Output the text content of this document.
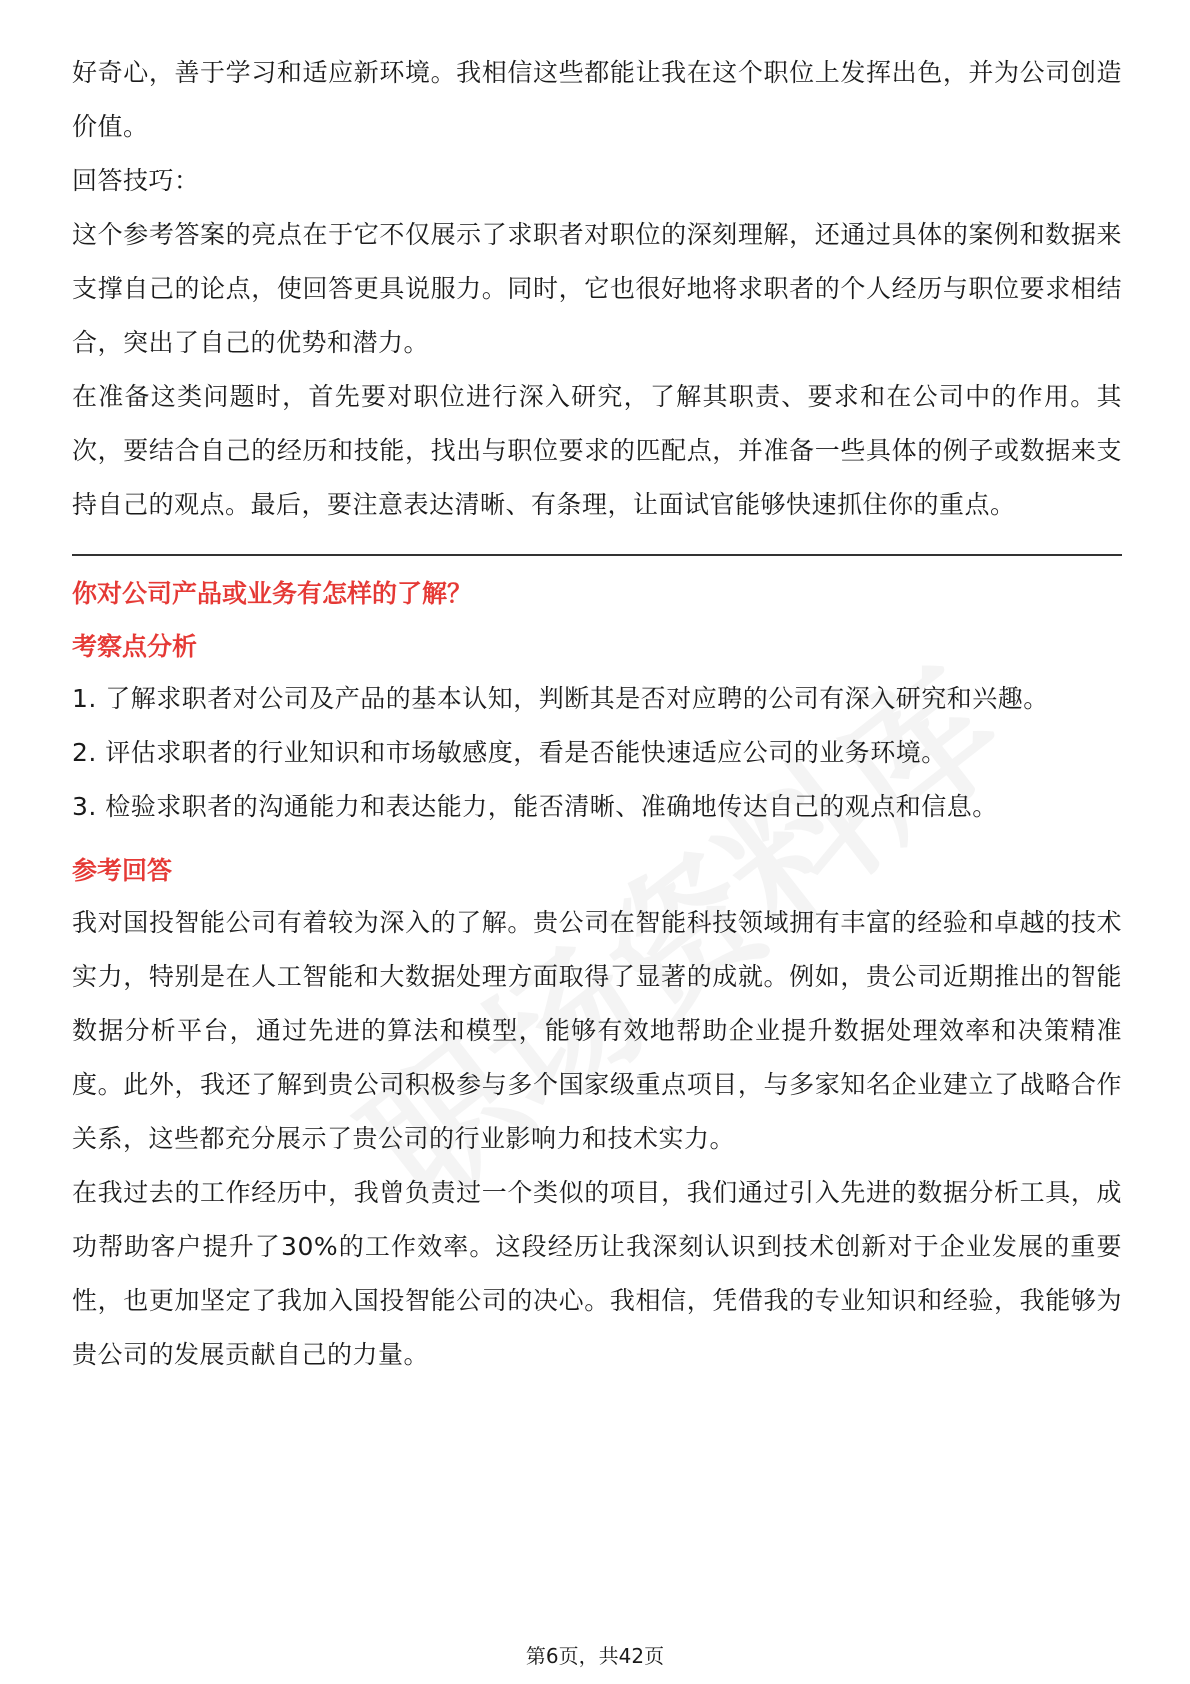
好奇心，善于学习和适应新环境。我相信这些都能让我在这个职位上发挥出色，并为公司创造价值。

回答技巧：

这个参考答案的亮点在于它不仅展示了求职者对职位的深刻理解，还通过具体的案例和数据来支撑自己的论点，使回答更具说服力。同时，它也很好地将求职者的个人经历与职位要求相结合，突出了自己的优势和潜力。

在准备这类问题时，首先要对职位进行深入研究，了解其职责、要求和在公司中的作用。其次，要结合自己的经历和技能，找出与职位要求的匹配点，并准备一些具体的例子或数据来支持自己的观点。最后，要注意表达清晰、有条理，让面试官能够快速抓住你的重点。

你对公司产品或业务有怎样的了解？

考察点分析

1. 了解求职者对公司及产品的基本认知，判断其是否对应聘的公司有深入研究和兴趣。

2. 评估求职者的行业知识和市场敏感度，看是否能快速适应公司的业务环境。

3. 检验求职者的沟通能力和表达能力，能否清晰、准确地传达自己的观点和信息。

参考回答

我对国投智能公司有着较为深入的了解。贵公司在智能科技领域拥有丰富的经验和卓越的技术实力，特别是在人工智能和大数据处理方面取得了显著的成就。例如，贵公司近期推出的智能数据分析平台，通过先进的算法和模型，能够有效地帮助企业提升数据处理效率和决策精准度。此外，我还了解到贵公司积极参与多个国家级重点项目，与多家知名企业建立了战略合作关系，这些都充分展示了贵公司的行业影响力和技术实力。

在我过去的工作经历中，我曾负责过一个类似的项目，我们通过引入先进的数据分析工具，成功帮助客户提升了30%的工作效率。这段经历让我深刻认识到技术创新对于企业发展的重要性，也更加坚定了我加入国投智能公司的决心。我相信，凭借我的专业知识和经验，我能够为贵公司的发展贡献自己的力量。

第6页，共42页
